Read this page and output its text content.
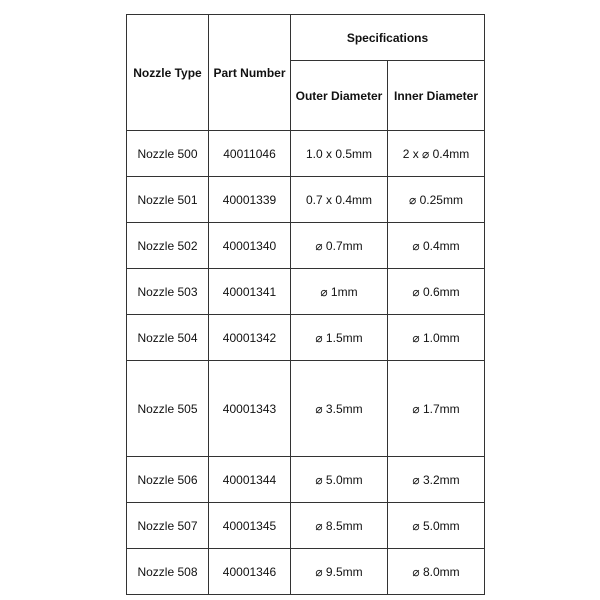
Nozzle Type	Part Number	Specifications	
		Outer Diameter	Inner Diameter
Nozzle 500	40011046	1.0 x 0.5mm	2 x ⌀ 0.4mm
Nozzle 501	40001339	0.7 x 0.4mm	⌀ 0.25mm
Nozzle 502	40001340	⌀ 0.7mm	⌀ 0.4mm
Nozzle 503	40001341	⌀ 1mm	⌀ 0.6mm
Nozzle 504	40001342	⌀ 1.5mm	⌀ 1.0mm
Nozzle 505	40001343	⌀ 3.5mm	⌀ 1.7mm
Nozzle 506	40001344	⌀ 5.0mm	⌀ 3.2mm
Nozzle 507	40001345	⌀ 8.5mm	⌀ 5.0mm
Nozzle 508	40001346	⌀ 9.5mm	⌀ 8.0mm
